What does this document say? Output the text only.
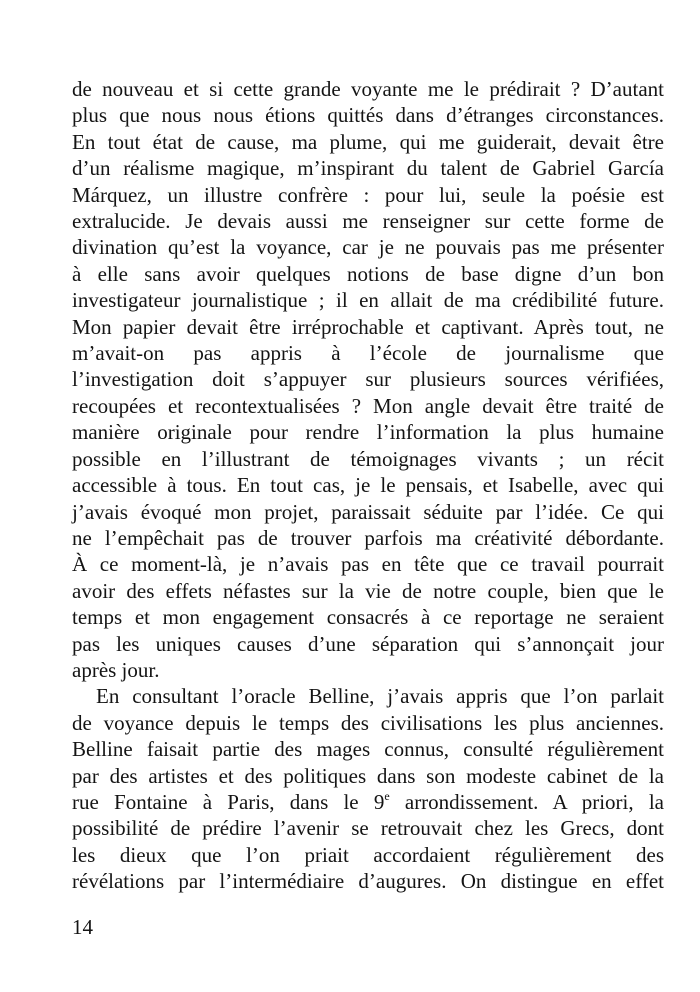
de nouveau et si cette grande voyante me le prédirait ? D’autant
plus que nous nous étions quittés dans d’étranges circonstances.
En tout état de cause, ma plume, qui me guiderait, devait être
d’un réalisme magique, m’inspirant du talent de Gabriel García
Márquez, un illustre confrère : pour lui, seule la poésie est
extralucide. Je devais aussi me renseigner sur cette forme de
divination qu’est la voyance, car je ne pouvais pas me présenter
à elle sans avoir quelques notions de base digne d’un bon
investigateur journalistique ; il en allait de ma crédibilité future.
Mon papier devait être irréprochable et captivant. Après tout, ne
m’avait-on pas appris à l’école de journalisme que
l’investigation doit s’appuyer sur plusieurs sources vérifiées,
recoupées et recontextualisées ? Mon angle devait être traité de
manière originale pour rendre l’information la plus humaine
possible en l’illustrant de témoignages vivants ; un récit
accessible à tous. En tout cas, je le pensais, et Isabelle, avec qui
j’avais évoqué mon projet, paraissait séduite par l’idée. Ce qui
ne l’empêchait pas de trouver parfois ma créativité débordante.
À ce moment-là, je n’avais pas en tête que ce travail pourrait
avoir des effets néfastes sur la vie de notre couple, bien que le
temps et mon engagement consacrés à ce reportage ne seraient
pas les uniques causes d’une séparation qui s’annonçait jour
après jour.
En consultant l’oracle Belline, j’avais appris que l’on parlait
de voyance depuis le temps des civilisations les plus anciennes.
Belline faisait partie des mages connus, consulté régulièrement
par des artistes et des politiques dans son modeste cabinet de la
rue Fontaine à Paris, dans le 9e arrondissement. A priori, la
possibilité de prédire l’avenir se retrouvait chez les Grecs, dont
les dieux que l’on priait accordaient régulièrement des
révélations par l’intermédiaire d’augures. On distingue en effet
14
